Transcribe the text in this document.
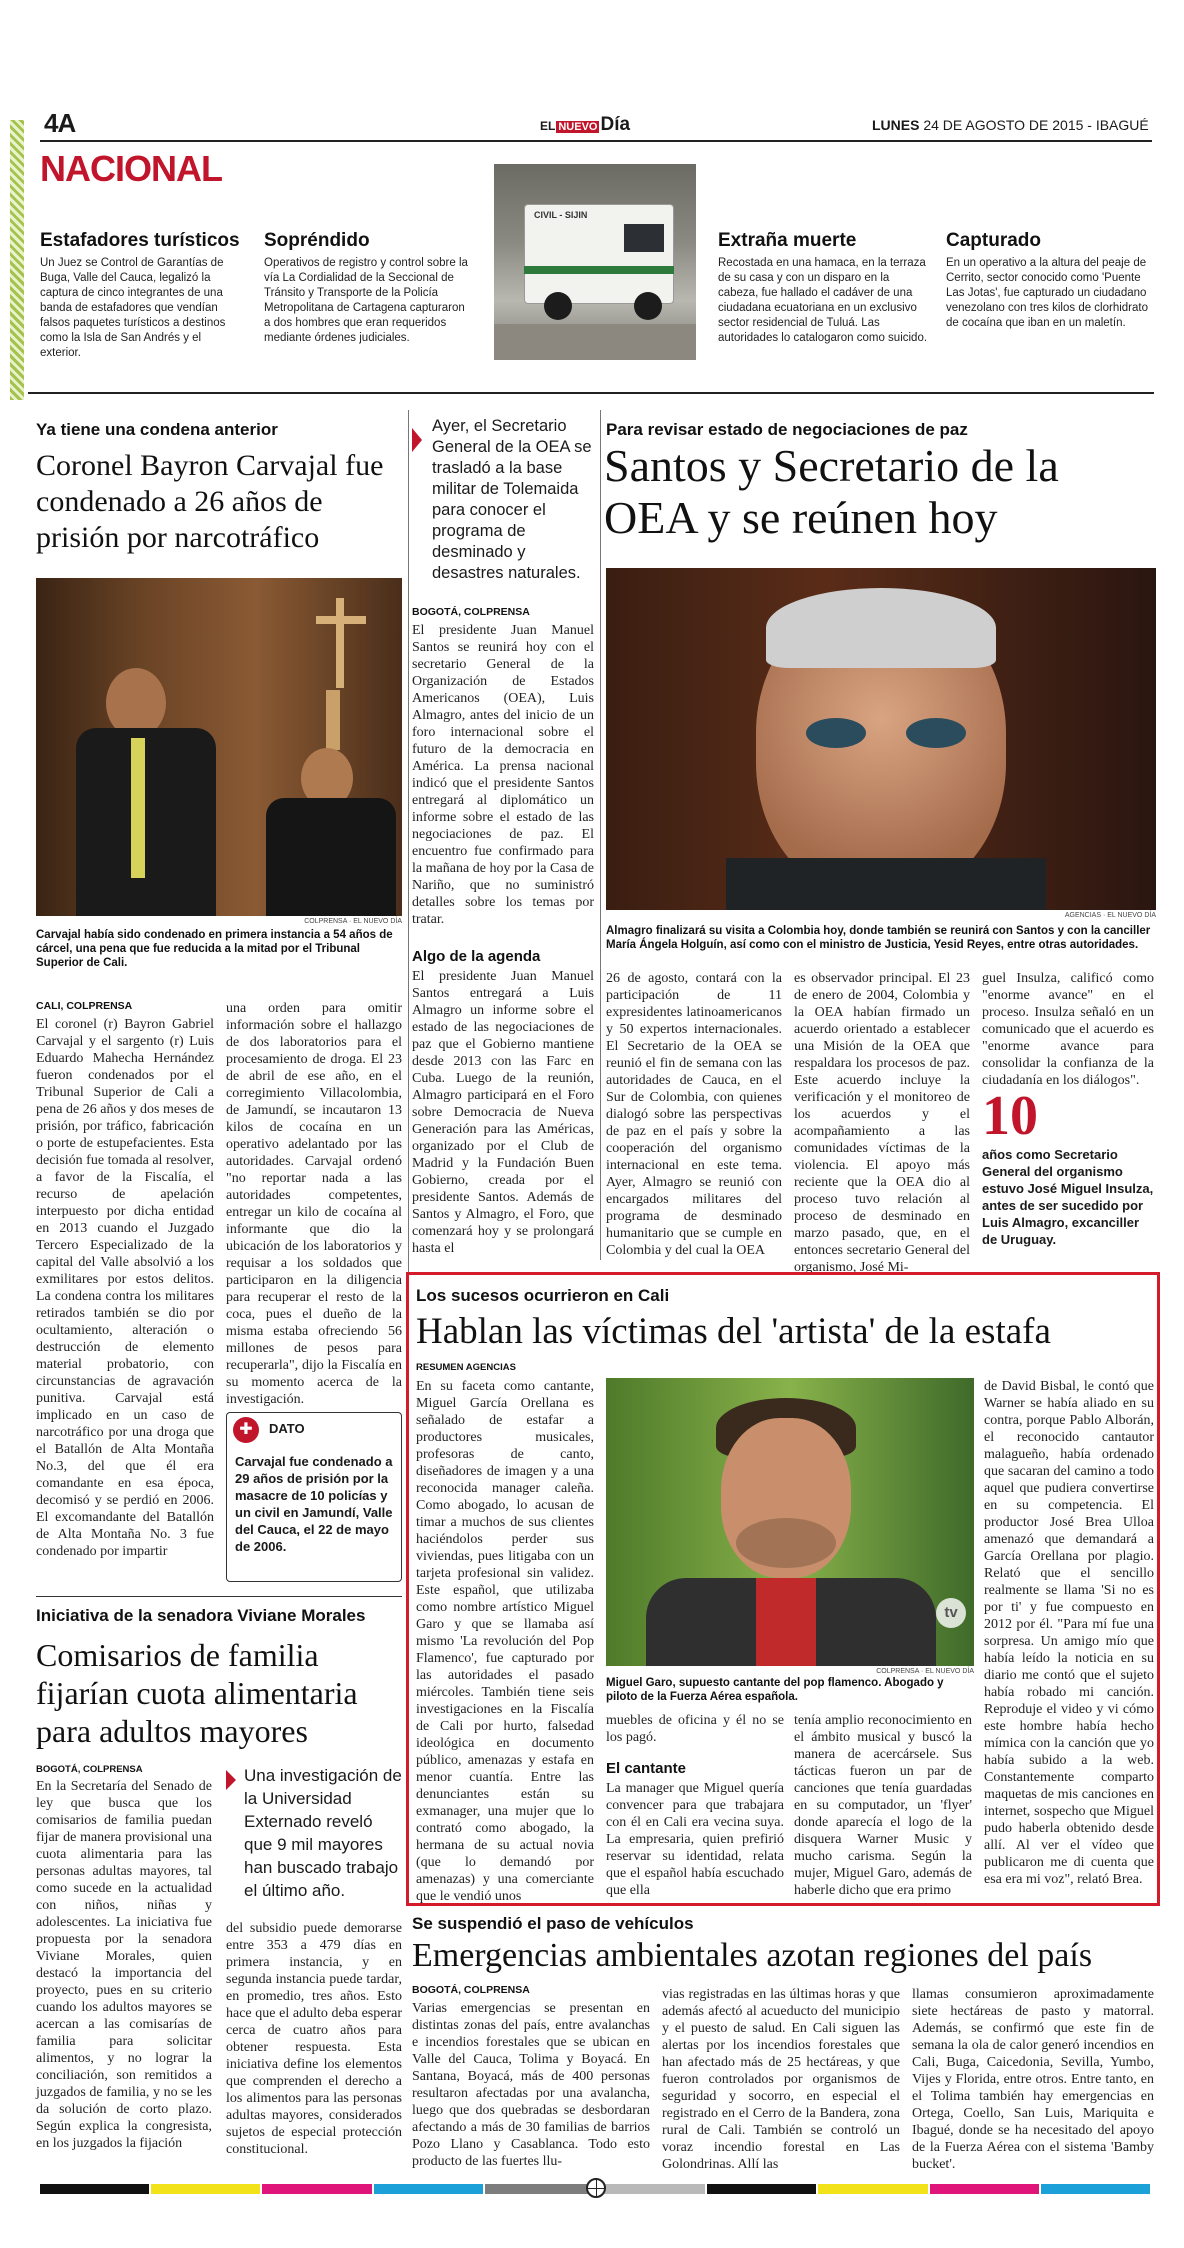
4A	EL NUEVO Día	LUNES 24 DE AGOSTO DE 2015 - IBAGUÉ
NACIONAL
Estafadores turísticos
Un Juez se Control de Garantías de Buga, Valle del Cauca, legalizó la captura de cinco integrantes de una banda de estafadores que vendían falsos paquetes turísticos a destinos como la Isla de San Andrés y el exterior.
Sopréndido
Operativos de registro y control sobre la vía La Cordialidad de la Seccional de Tránsito y Transporte de la Policía Metropolitana de Cartagena capturaron a dos hombres que eran requeridos mediante órdenes judiciales.
CIVIL - SIJIN
Extraña muerte
Recostada en una hamaca, en la terraza de su casa y con un disparo en la cabeza, fue hallado el cadáver de una ciudadana ecuatoriana en un exclusivo sector residencial de Tuluá. Las autoridades lo catalogaron como suicido.
Capturado
En un operativo a la altura del peaje de Cerrito, sector conocido como 'Puente Las Jotas', fue capturado un ciudadano venezolano con tres kilos de clorhidrato de cocaína que iban en un maletín.
Ya tiene una condena anterior
Coronel Bayron Carvajal fue condenado a 26 años de prisión por narcotráfico
COLPRENSA · EL NUEVO DÍA
Carvajal había sido condenado en primera instancia a 54 años de cárcel, una pena que fue reducida a la mitad por el Tribunal Superior de Cali.
CALI, COLPRENSA
El coronel (r) Bayron Gabriel Carvajal y el sargento (r) Luis Eduardo Mahecha Hernández fueron condenados por el Tribunal Superior de Cali a pena de 26 años y dos meses de prisión, por tráfico, fabricación o porte de estupefacientes. Esta decisión fue tomada al resolver, a favor de la Fiscalía, el recurso de apelación interpuesto por dicha entidad en 2013 cuando el Juzgado Tercero Especializado de la capital del Valle absolvió a los exmilitares por estos delitos. La condena contra los militares retirados también se dio por ocultamiento, alteración o destrucción de elemento material probatorio, con circunstancias de agravación punitiva. Carvajal está implicado en un caso de narcotráfico por una droga que el Batallón de Alta Montaña No.3, del que él era comandante en esa época, decomisó y se perdió en 2006. El excomandante del Batallón de Alta Montaña No. 3 fue condenado por impartir
una orden para omitir información sobre el hallazgo de dos laboratorios para el procesamiento de droga. El 23 de abril de ese año, en el corregimiento Villacolombia, de Jamundí, se incautaron 13 kilos de cocaína en un operativo adelantado por las autoridades. Carvajal ordenó "no reportar nada a las autoridades competentes, entregar un kilo de cocaína al informante que dio la ubicación de los laboratorios y requisar a los soldados que participaron en la diligencia para recuperar el resto de la coca, pues el dueño de la misma estaba ofreciendo 56 millones de pesos para recuperarla", dijo la Fiscalía en su momento acerca de la investigación.
✚	DATO
Carvajal fue condenado a 29 años de prisión por la masacre de 10 policías y un civil en Jamundí, Valle del Cauca, el 22 de mayo de 2006.
Ayer, el Secretario General de la OEA se trasladó a la base militar de Tolemaida para conocer el programa de desminado y desastres naturales.
BOGOTÁ, COLPRENSA
El presidente Juan Manuel Santos se reunirá hoy con el secretario General de la Organización de Estados Americanos (OEA), Luis Almagro, antes del inicio de un foro internacional sobre el futuro de la democracia en América. La prensa nacional indicó que el presidente Santos entregará al diplomático un informe sobre el estado de las negociaciones de paz. El encuentro fue confirmado para la mañana de hoy por la Casa de Nariño, que no suministró detalles sobre los temas por tratar.
Para revisar estado de negociaciones de paz
Santos y Secretario de la OEA y se reúnen hoy
AGENCIAS · EL NUEVO DÍA
Almagro finalizará su visita a Colombia hoy, donde también se reunirá con Santos y con la canciller María Ángela Holguín, así como con el ministro de Justicia, Yesid Reyes, entre otras autoridades.
Algo de la agenda
El presidente Juan Manuel Santos entregará a Luis Almagro un informe sobre el estado de las negociaciones de paz que el Gobierno mantiene desde 2013 con las Farc en Cuba. Luego de la reunión, Almagro participará en el Foro sobre Democracia de Nueva Generación para las Américas, organizado por el Club de Madrid y la Fundación Buen Gobierno, creada por el presidente Santos. Además de Santos y Almagro, el Foro, que comenzará hoy y se prolongará hasta el
26 de agosto, contará con la participación de 11 expresidentes latinoamericanos y 50 expertos internacionales. El Secretario de la OEA se reunió el fin de semana con las autoridades de Cauca, en el Sur de Colombia, con quienes dialogó sobre las perspectivas de paz en el país y sobre la cooperación del organismo internacional en este tema. Ayer, Almagro se reunió con encargados militares del programa de desminado humanitario que se cumple en Colombia y del cual la OEA
es observador principal. El 23 de enero de 2004, Colombia y la OEA habían firmado un acuerdo orientado a establecer una Misión de la OEA que respaldara los procesos de paz. Este acuerdo incluye la verificación y el monitoreo de los acuerdos y el acompañamiento a las comunidades víctimas de la violencia. El apoyo más reciente que la OEA dio al proceso tuvo relación al proceso de desminado en marzo pasado, que, en el entonces secretario General del organismo, José Mi-
guel Insulza, calificó como "enorme avance" en el proceso. Insulza señaló en un comunicado que el acuerdo es "enorme avance para consolidar la confianza de la ciudadanía en los diálogos".
10
años como Secretario General del organismo estuvo José Miguel Insulza, antes de ser sucedido por Luis Almagro, excanciller de Uruguay.
Los sucesos ocurrieron en Cali
Hablan las víctimas del 'artista' de la estafa
RESUMEN AGENCIAS
En su faceta como cantante, Miguel García Orellana es señalado de estafar a productores musicales, profesoras de canto, diseñadores de imagen y a una reconocida manager caleña. Como abogado, lo acusan de timar a muchos de sus clientes haciéndolos perder sus viviendas, pues litigaba con un tarjeta profesional sin validez. Este español, que utilizaba como nombre artístico Miguel Garo y que se llamaba así mismo 'La revolución del Pop Flamenco', fue capturado por las autoridades el pasado miércoles. También tiene seis investigaciones en la Fiscalía de Cali por hurto, falsedad ideológica en documento público, amenazas y estafa en menor cuantía. Entre las denunciantes están su exmanager, una mujer que lo contrató como abogado, la hermana de su actual novia (que lo demandó por amenazas) y una comerciante que le vendió unos
tv
COLPRENSA · EL NUEVO DÍA
Miguel Garo, supuesto cantante del pop flamenco. Abogado y piloto de la Fuerza Aérea española.
muebles de oficina y él no se los pagó.
El cantante
La manager que Miguel quería convencer para que trabajara con él en Cali era vecina suya. La empresaria, quien prefirió reservar su identidad, relata que el español había escuchado que ella
tenía amplio reconocimiento en el ámbito musical y buscó la manera de acercársele. Sus tácticas fueron un par de canciones que tenía guardadas en su computador, un 'flyer' donde aparecía el logo de la disquera Warner Music y mucho carisma. Según la mujer, Miguel Garo, además de haberle dicho que era primo
de David Bisbal, le contó que Warner se había aliado en su contra, porque Pablo Alborán, el reconocido cantautor malagueño, había ordenado que sacaran del camino a todo aquel que pudiera convertirse en su competencia. El productor José Brea Ulloa amenazó que demandará a García Orellana por plagio. Relató que el sencillo realmente se llama 'Si no es por ti' y fue compuesto en 2012 por él. "Para mí fue una sorpresa. Un amigo mío que había leído la noticia en su diario me contó que el sujeto había robado mi canción. Reproduje el video y vi cómo este hombre había hecho mímica con la canción que yo había subido a la web. Constantemente comparto maquetas de mis canciones en internet, sospecho que Miguel pudo haberla obtenido desde allí. Al ver el vídeo que publicaron me di cuenta que esa era mi voz", relató Brea.
Iniciativa de la senadora Viviane Morales
Comisarios de familia fijarían cuota alimentaria para adultos mayores
BOGOTÁ, COLPRENSA
En la Secretaría del Senado de ley que busca que los comisarios de familia puedan fijar de manera provisional una cuota alimentaria para las personas adultas mayores, tal como sucede en la actualidad con niños, niñas y adolescentes. La iniciativa fue propuesta por la senadora Viviane Morales, quien destacó la importancia del proyecto, pues en su criterio cuando los adultos mayores se acercan a las comisarías de familia para solicitar alimentos, y no lograr la conciliación, son remitidos a juzgados de familia, y no se les da solución de corto plazo. Según explica la congresista, en los juzgados la fijación
Una investigación de la Universidad Externado reveló que 9 mil mayores han buscado trabajo el último año.
del subsidio puede demorarse entre 353 a 479 días en primera instancia, y en segunda instancia puede tardar, en promedio, tres años. Esto hace que el adulto deba esperar cerca de cuatro años para obtener respuesta. Esta iniciativa define los elementos que comprenden el derecho a los alimentos para las personas adultas mayores, considerados sujetos de especial protección constitucional.
Se suspendió el paso de vehículos
Emergencias ambientales azotan regiones del país
BOGOTÁ, COLPRENSA
Varias emergencias se presentan en distintas zonas del país, entre avalanchas e incendios forestales que se ubican en Valle del Cauca, Tolima y Boyacá. En Santana, Boyacá, más de 400 personas resultaron afectadas por una avalancha, luego que dos quebradas se desbordaran afectando a más de 30 familias de barrios Pozo Llano y Casablanca. Todo esto producto de las fuertes llu-
vias registradas en las últimas horas y que además afectó al acueducto del municipio y el puesto de salud. En Cali siguen las alertas por los incendios forestales que han afectado más de 25 hectáreas, y que fueron controlados por organismos de seguridad y socorro, en especial el registrado en el Cerro de la Bandera, zona rural de Cali. También se controló un voraz incendio forestal en Las Golondrinas. Allí las
llamas consumieron aproximadamente siete hectáreas de pasto y matorral. Además, se confirmó que este fin de semana la ola de calor generó incendios en Cali, Buga, Caicedonia, Sevilla, Yumbo, Vijes y Florida, entre otros. Entre tanto, en el Tolima también hay emergencias en Ortega, Coello, San Luis, Mariquita e Ibagué, donde se ha necesitado del apoyo de la Fuerza Aérea con el sistema 'Bamby bucket'.
